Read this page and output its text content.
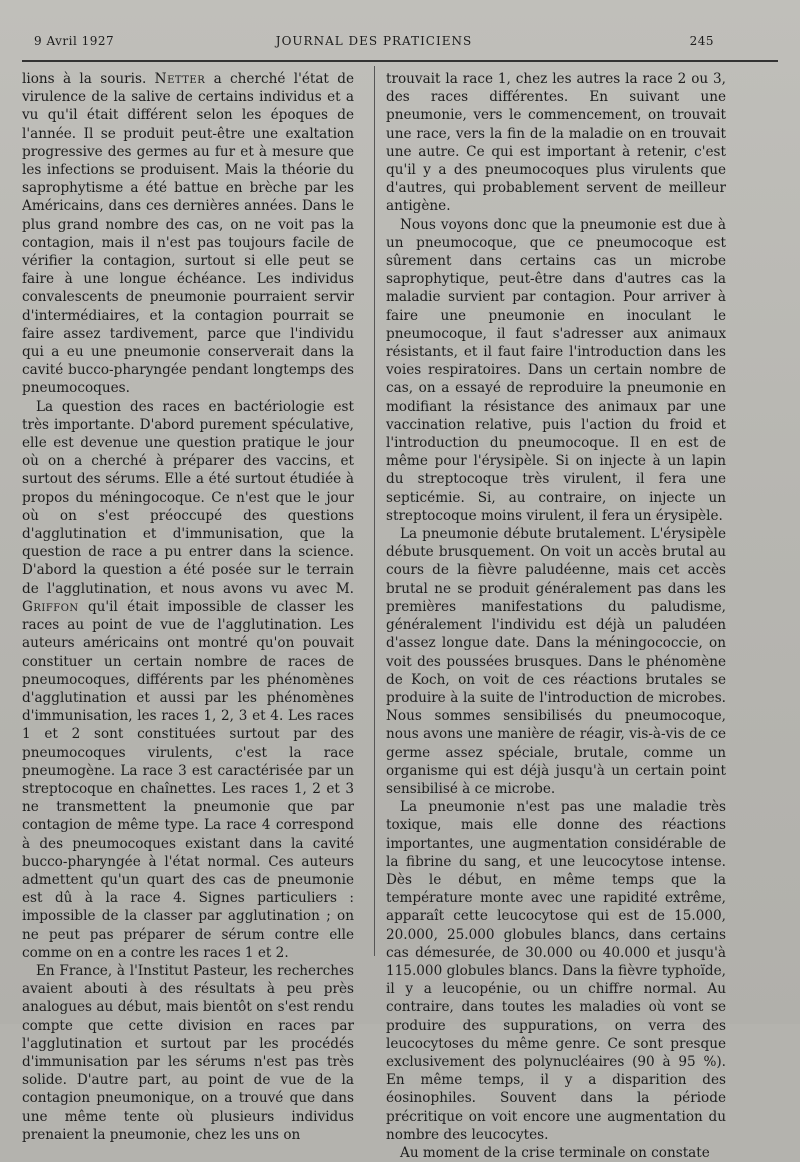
9 Avril 1927	JOURNAL DES PRATICIENS	245

lions à la souris. Netter a cherché l'état de virulence de la salive de certains individus et a vu qu'il était différent selon les époques de l'année. Il se produit peut-être une exaltation progressive des germes au fur et à mesure que les infections se produisent. Mais la théorie du saprophytisme a été battue en brèche par les Américains, dans ces dernières années. Dans le plus grand nombre des cas, on ne voit pas la contagion, mais il n'est pas toujours facile de vérifier la contagion, surtout si elle peut se faire à une longue échéance. Les individus convalescents de pneumonie pourraient servir d'intermédiaires, et la contagion pourrait se faire assez tardivement, parce que l'individu qui a eu une pneumonie conserverait dans la cavité bucco-pharyngée pendant longtemps des pneumocoques.

La question des races en bactériologie est très importante. D'abord purement spéculative, elle est devenue une question pratique le jour où on a cherché à préparer des vaccins, et surtout des sérums. Elle a été surtout étudiée à propos du méningocoque. Ce n'est que le jour où on s'est préoccupé des questions d'agglutination et d'immunisation, que la question de race a pu entrer dans la science. D'abord la question a été posée sur le terrain de l'agglutination, et nous avons vu avec M. Griffon qu'il était impossible de classer les races au point de vue de l'agglutination. Les auteurs américains ont montré qu'on pouvait constituer un certain nombre de races de pneumocoques, différents par les phénomènes d'agglutination et aussi par les phénomènes d'immunisation, les races 1, 2, 3 et 4. Les races 1 et 2 sont constituées surtout par des pneumocoques virulents, c'est la race pneumogène. La race 3 est caractérisée par un streptocoque en chaînettes. Les races 1, 2 et 3 ne transmettent la pneumonie que par contagion de même type. La race 4 correspond à des pneumocoques existant dans la cavité bucco-pharyngée à l'état normal. Ces auteurs admettent qu'un quart des cas de pneumonie est dû à la race 4. Signes particuliers : impossible de la classer par agglutination ; on ne peut pas préparer de sérum contre elle comme on en a contre les races 1 et 2.

En France, à l'Institut Pasteur, les recherches avaient abouti à des résultats à peu près analogues au début, mais bientôt on s'est rendu compte que cette division en races par l'agglutination et surtout par les procédés d'immunisation par les sérums n'est pas très solide. D'autre part, au point de vue de la contagion pneumonique, on a trouvé que dans une même tente où plusieurs individus prenaient la pneumonie, chez les uns on

trouvait la race 1, chez les autres la race 2 ou 3, des races différentes. En suivant une pneumonie, vers le commencement, on trouvait une race, vers la fin de la maladie on en trouvait une autre. Ce qui est important à retenir, c'est qu'il y a des pneumocoques plus virulents que d'autres, qui probablement servent de meilleur antigène.

Nous voyons donc que la pneumonie est due à un pneumocoque, que ce pneumocoque est sûrement dans certains cas un microbe saprophytique, peut-être dans d'autres cas la maladie survient par contagion. Pour arriver à faire une pneumonie en inoculant le pneumocoque, il faut s'adresser aux animaux résistants, et il faut faire l'introduction dans les voies respiratoires. Dans un certain nombre de cas, on a essayé de reproduire la pneumonie en modifiant la résistance des animaux par une vaccination relative, puis l'action du froid et l'introduction du pneumocoque. Il en est de même pour l'érysipèle. Si on injecte à un lapin du streptocoque très virulent, il fera une septicémie. Si, au contraire, on injecte un streptocoque moins virulent, il fera un érysipèle.

La pneumonie débute brutalement. L'érysipèle débute brusquement. On voit un accès brutal au cours de la fièvre paludéenne, mais cet accès brutal ne se produit généralement pas dans les premières manifestations du paludisme, généralement l'individu est déjà un paludéen d'assez longue date. Dans la méningococcie, on voit des poussées brusques. Dans le phénomène de Koch, on voit de ces réactions brutales se produire à la suite de l'introduction de microbes. Nous sommes sensibilisés du pneumocoque, nous avons une manière de réagir, vis-à-vis de ce germe assez spéciale, brutale, comme un organisme qui est déjà jusqu'à un certain point sensibilisé à ce microbe.

La pneumonie n'est pas une maladie très toxique, mais elle donne des réactions importantes, une augmentation considérable de la fibrine du sang, et une leucocytose intense. Dès le début, en même temps que la température monte avec une rapidité extrême, apparaît cette leucocytose qui est de 15.000, 20.000, 25.000 globules blancs, dans certains cas démesurée, de 30.000 ou 40.000 et jusqu'à 115.000 globules blancs. Dans la fièvre typhoïde, il y a leucopénie, ou un chiffre normal. Au contraire, dans toutes les maladies où vont se produire des suppurations, on verra des leucocytoses du même genre. Ce sont presque exclusivement des polynucléaires (90 à 95 %). En même temps, il y a disparition des éosinophiles. Souvent dans la période précritique on voit encore une augmentation du nombre des leucocytes.

Au moment de la crise terminale on constate
